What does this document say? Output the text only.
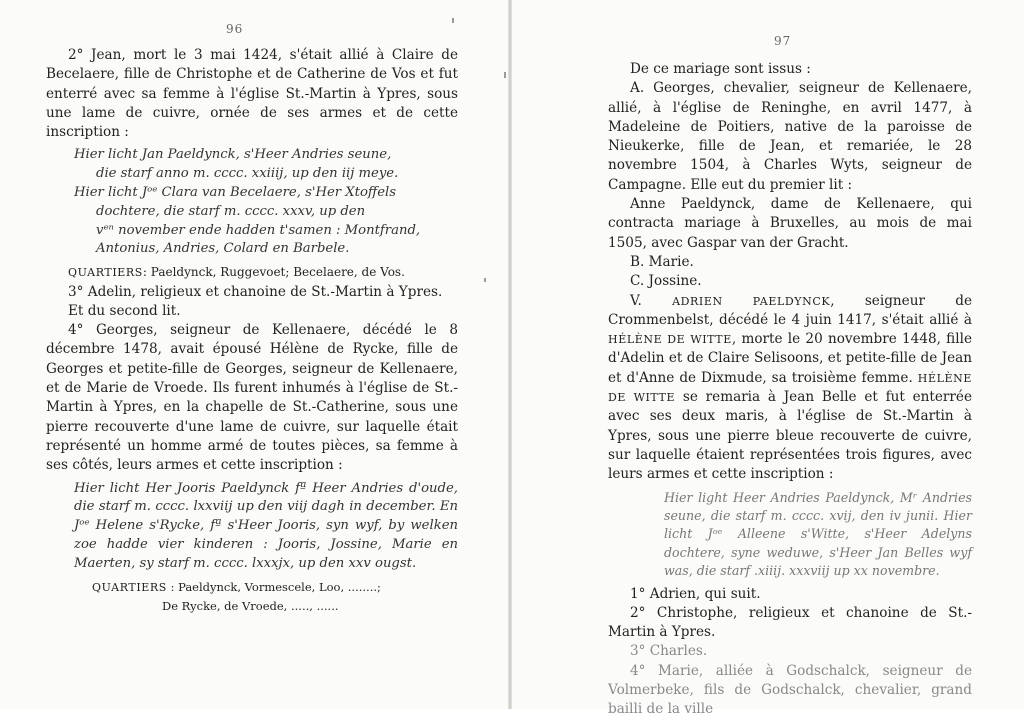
96

2° Jean, mort le 3 mai 1424, s'était allié à Claire de Becelaere, fille de Christophe et de Catherine de Vos et fut enterré avec sa femme à l'église St.-Martin à Ypres, sous une lame de cuivre, ornée de ses armes et de cette inscription :

Hier licht Jan Paeldynck, s'Heer Andries seune,
die starf anno m. cccc. xxiiij, up den iij meye.
Hier licht Jᵒᵉ Clara van Becelaere, s'Her Xtoffels
dochtere, die starf m. cccc. xxxv, up den
vᵉⁿ november ende hadden t'samen : Montfrand,
Antonius, Andries, Colard en Barbele.

QUARTIERS: Paeldynck, Ruggevoet; Becelaere, de Vos.

3° Adelin, religieux et chanoine de St.-Martin à Ypres.

Et du second lit.

4° Georges, seigneur de Kellenaere, décédé le 8 décembre 1478, avait épousé Hélène de Rycke, fille de Georges et petite-fille de Georges, seigneur de Kellenaere, et de Marie de Vroede. Ils furent inhumés à l'église de St.-Martin à Ypres, en la chapelle de St.-Catherine, sous une pierre recouverte d'une lame de cuivre, sur laquelle était représenté un homme armé de toutes pièces, sa femme à ses côtés, leurs armes et cette inscription :

Hier licht Her Jooris Paeldynck fª Heer Andries d'oude, die starf m. cccc. lxxviij up den viij dagh in december. En Jᵒᵉ Helene s'Rycke, fª s'Heer Jooris, syn wyf, by welken zoe hadde vier kinderen : Jooris, Jossine, Marie en Maerten, sy starf m. cccc. lxxxjx, up den xxv ougst.

QUARTIERS : Paeldynck, Vormescele, Loo, ........;
De Rycke, de Vroede, ....., ......
97

De ce mariage sont issus :

A. Georges, chevalier, seigneur de Kellenaere, allié, à l'église de Reninghe, en avril 1477, à Madeleine de Poitiers, native de la paroisse de Nieukerke, fille de Jean, et remariée, le 28 novembre 1504, à Charles Wyts, seigneur de Campagne. Elle eut du premier lit :

Anne Paeldynck, dame de Kellenaere, qui contracta mariage à Bruxelles, au mois de mai 1505, avec Gaspar van der Gracht.

B. Marie.

C. Jossine.

V. ADRIEN PAELDYNCK, seigneur de Crommenbelst, décédé le 4 juin 1417, s'était allié à HÉLÈNE DE WITTE, morte le 20 novembre 1448, fille d'Adelin et de Claire Selisoons, et petite-fille de Jean et d'Anne de Dixmude, sa troisième femme. HÉLÈNE DE WITTE se remaria à Jean Belle et fut enterrée avec ses deux maris, à l'église de St.-Martin à Ypres, sous une pierre bleue recouverte de cuivre, sur laquelle étaient représentées trois figures, avec leurs armes et cette inscription :

Hier light Heer Andries Paeldynck, Mʳ Andries seune, die starf m. cccc. xvij, den iv junii. Hier licht Jᵒᵉ Alleene s'Witte, s'Heer Adelyns dochtere, syne weduwe, s'Heer Jan Belles wyf was, die starf .xiiij. xxxviij up xx novembre.

1° Adrien, qui suit.

2° Christophe, religieux et chanoine de St.-Martin à Ypres.

3° Charles.

4° Marie, alliée à Godschalck, seigneur de Volmerbeke, fils de Godschalck, chevalier, grand bailli de la ville
